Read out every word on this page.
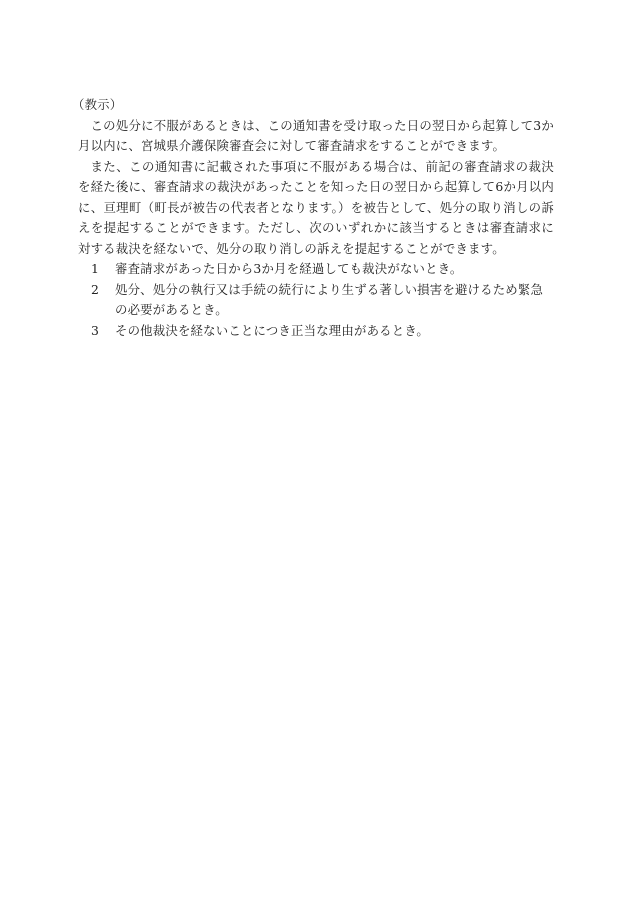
（教示）

この処分に不服があるときは、この通知書を受け取った日の翌日から起算して3か月以内に、宮城県介護保険審査会に対して審査請求をすることができます。

また、この通知書に記載された事項に不服がある場合は、前記の審査請求の裁決を経た後に、審査請求の裁決があったことを知った日の翌日から起算して6か月以内に、亘理町（町長が被告の代表者となります。）を被告として、処分の取り消しの訴えを提起することができます。ただし、次のいずれかに該当するときは審査請求に対する裁決を経ないで、処分の取り消しの訴えを提起することができます。

1	審査請求があった日から3か月を経過しても裁決がないとき。
2	処分、処分の執行又は手続の続行により生ずる著しい損害を避けるため緊急の必要があるとき。
3	その他裁決を経ないことにつき正当な理由があるとき。
